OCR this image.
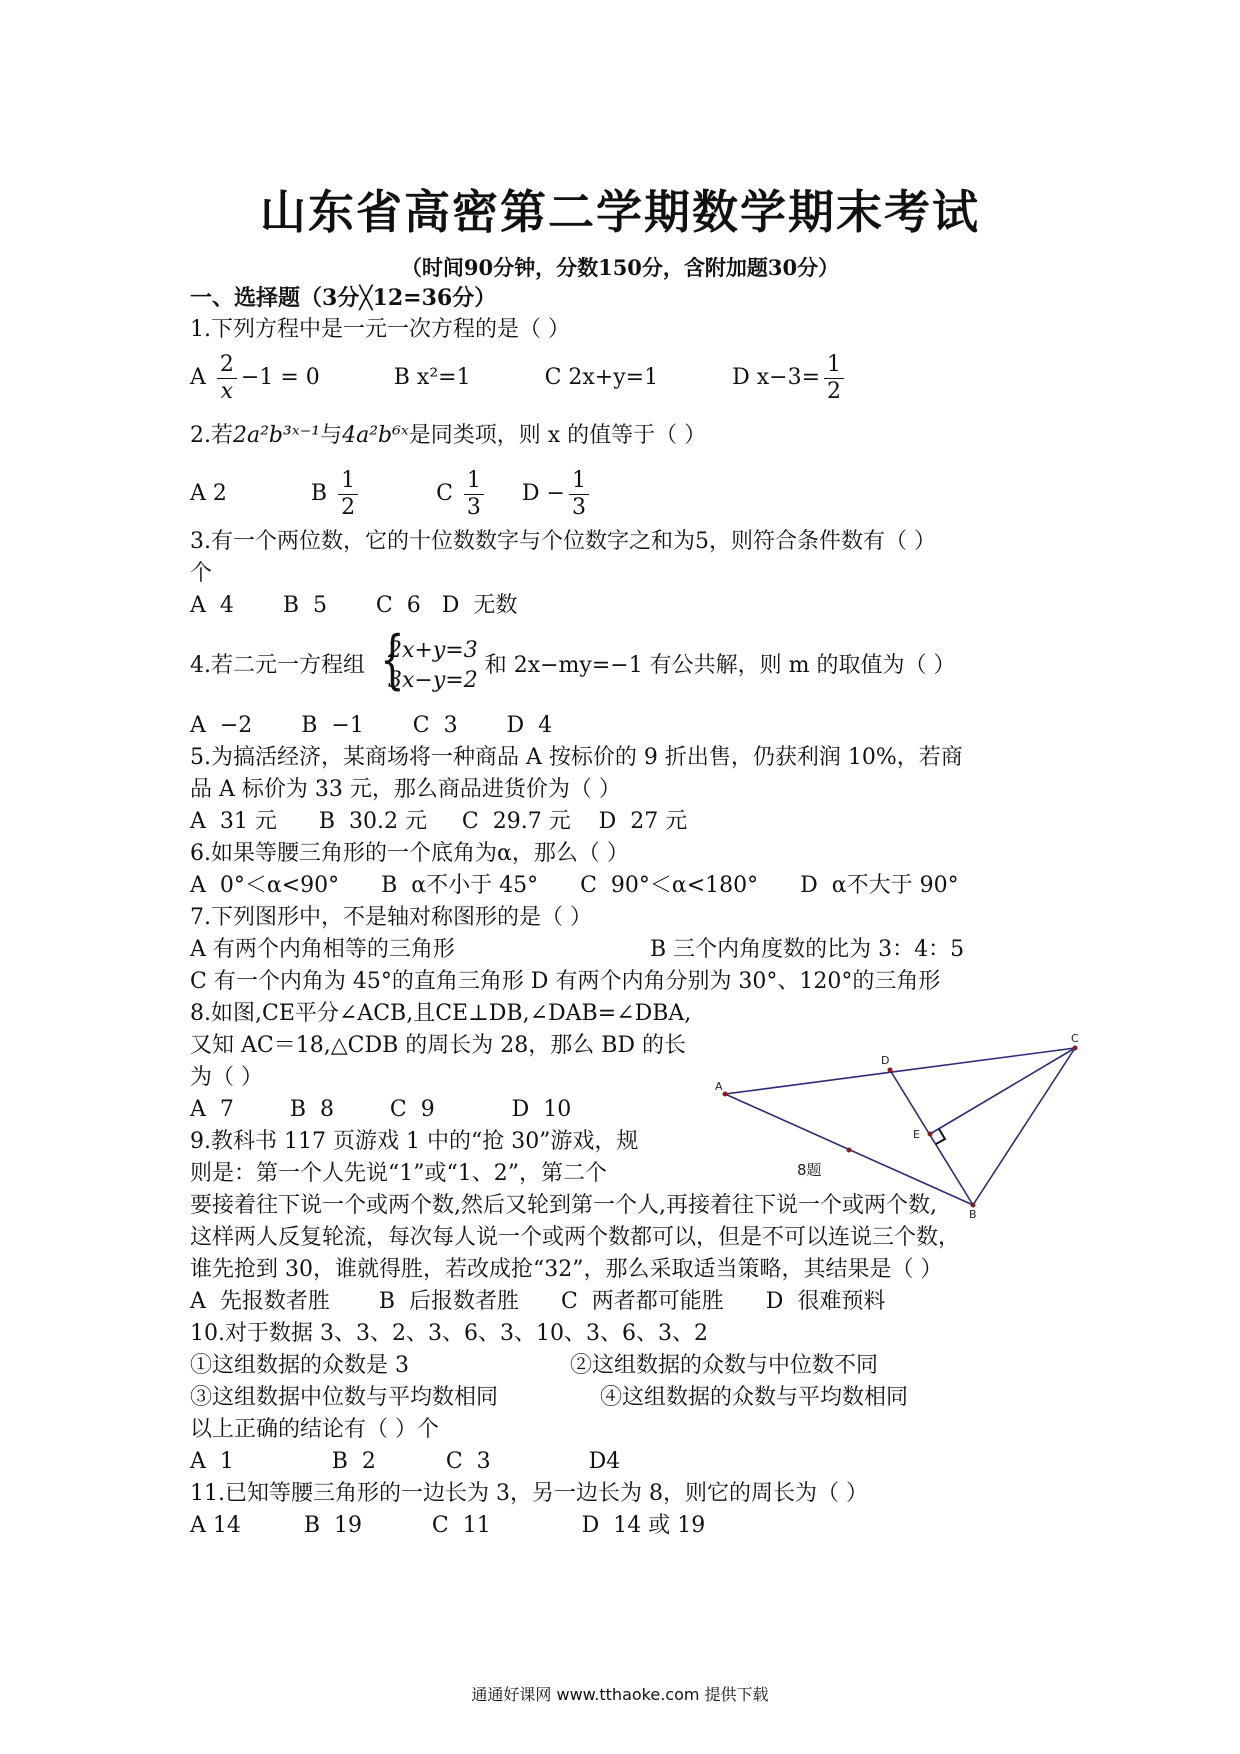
山东省高密第二学期数学期末考试
（时间90分钟，分数150分，含附加题30分）
一、选择题（3分╳12=36分）
1.下列方程中是一元一次方程的是（ ）
A $\frac{2}{x} -1 = 0$	B x²=1	C 2x+y=1	D $x-3= \frac{1}{2}$
2.若2a²b³ˣ⁻¹与4a²b⁶ˣ是同类项，则 x 的值等于（ ）
A 2	B $\frac{1}{2}$	C $\frac{1}{3}$ $D - \frac{1}{3}$
3.有一个两位数，它的十位数数字与个位数字之和为5，则符合条件数有（ ）
个
A  4       B  5       C  6   D  无数
4.若二元一方程组 {
2x+y=3
3x−y=2
和 2x−my=−1 有公共解，则 m 的取值为（ ）
A  −2       B  −1       C  3       D  4
5.为搞活经济，某商场将一种商品 A 按标价的 9 折出售，仍获利润 10%，若商
品 A 标价为 33 元，那么商品进货价为（ ）
A  31 元      B  30.2 元     C  29.7 元    D  27 元
6.如果等腰三角形的一个底角为α，那么（ ）
A  0°＜α<90°      B  α不小于 45°      C  90°＜α<180°      D  α不大于 90°
7.下列图形中，不是轴对称图形的是（ ）
A 有两个内角相等的三角形	B 三个内角度数的比为 3：4：5
C 有一个内角为 45°的直角三角形 D 有两个内角分别为 30°、120°的三角形
8.如图,CE平分∠ACB,且CE⊥DB,∠DAB=∠DBA,
又知 AC＝18,△CDB 的周长为 28，那么 BD 的长
为（ ）
A  7        B  8        C  9           D  10
9.教科书 117 页游戏 1 中的“抢 30”游戏，规
则是：第一个人先说“1”或“1、2”，第二个
要接着往下说一个或两个数,然后又轮到第一个人,再接着往下说一个或两个数,
这样两人反复轮流，每次每人说一个或两个数都可以，但是不可以连说三个数，
谁先抢到 30，谁就得胜，若改成抢“32”，那么采取适当策略，其结果是（ ）
A  先报数者胜       B  后报数者胜      C  两者都可能胜      D  很难预料
10.对于数据 3、3、2、3、6、3、10、3、6、3、2
①这组数据的众数是 3	②这组数据的众数与中位数不同
③这组数据中位数与平均数相同	④这组数据的众数与平均数相同
以上正确的结论有（ ）个
A  1              B  2          C  3              D4
11.已知等腰三角形的一边长为 3，另一边长为 8，则它的周长为（ ）
A 14         B  19          C  11             D  14 或 19
A
D
C
B
E
8题
通通好课网 www.tthaoke.com 提供下载
